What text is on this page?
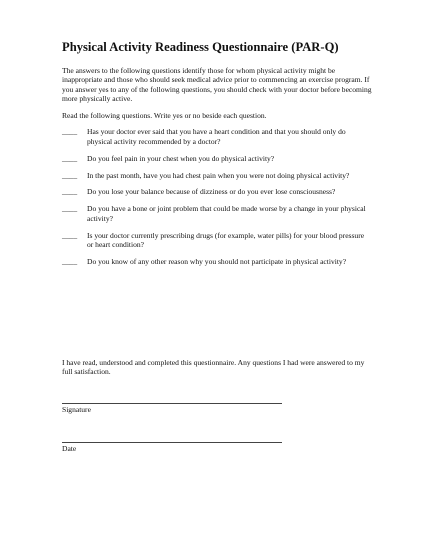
Physical Activity Readiness Questionnaire (PAR-Q)
The answers to the following questions identify those for whom physical activity might be inappropriate and those who should seek medical advice prior to commencing an exercise program. If you answer yes to any of the following questions, you should check with your doctor before becoming more physically active.
Read the following questions. Write yes or no beside each question.
____	Has your doctor ever said that you have a heart condition and that you should only do physical activity recommended by a doctor?
____	Do you feel pain in your chest when you do physical activity?
____	In the past month, have you had chest pain when you were not doing physical activity?
____	Do you lose your balance because of dizziness or do you ever lose consciousness?
____	Do you have a bone or joint problem that could be made worse by a change in your physical activity?
____	Is your doctor currently prescribing drugs (for example, water pills) for your blood pressure or heart condition?
____	Do you know of any other reason why you should not participate in physical activity?
I have read, understood and completed this questionnaire. Any questions I had were answered to my full satisfaction.
Signature
Date
